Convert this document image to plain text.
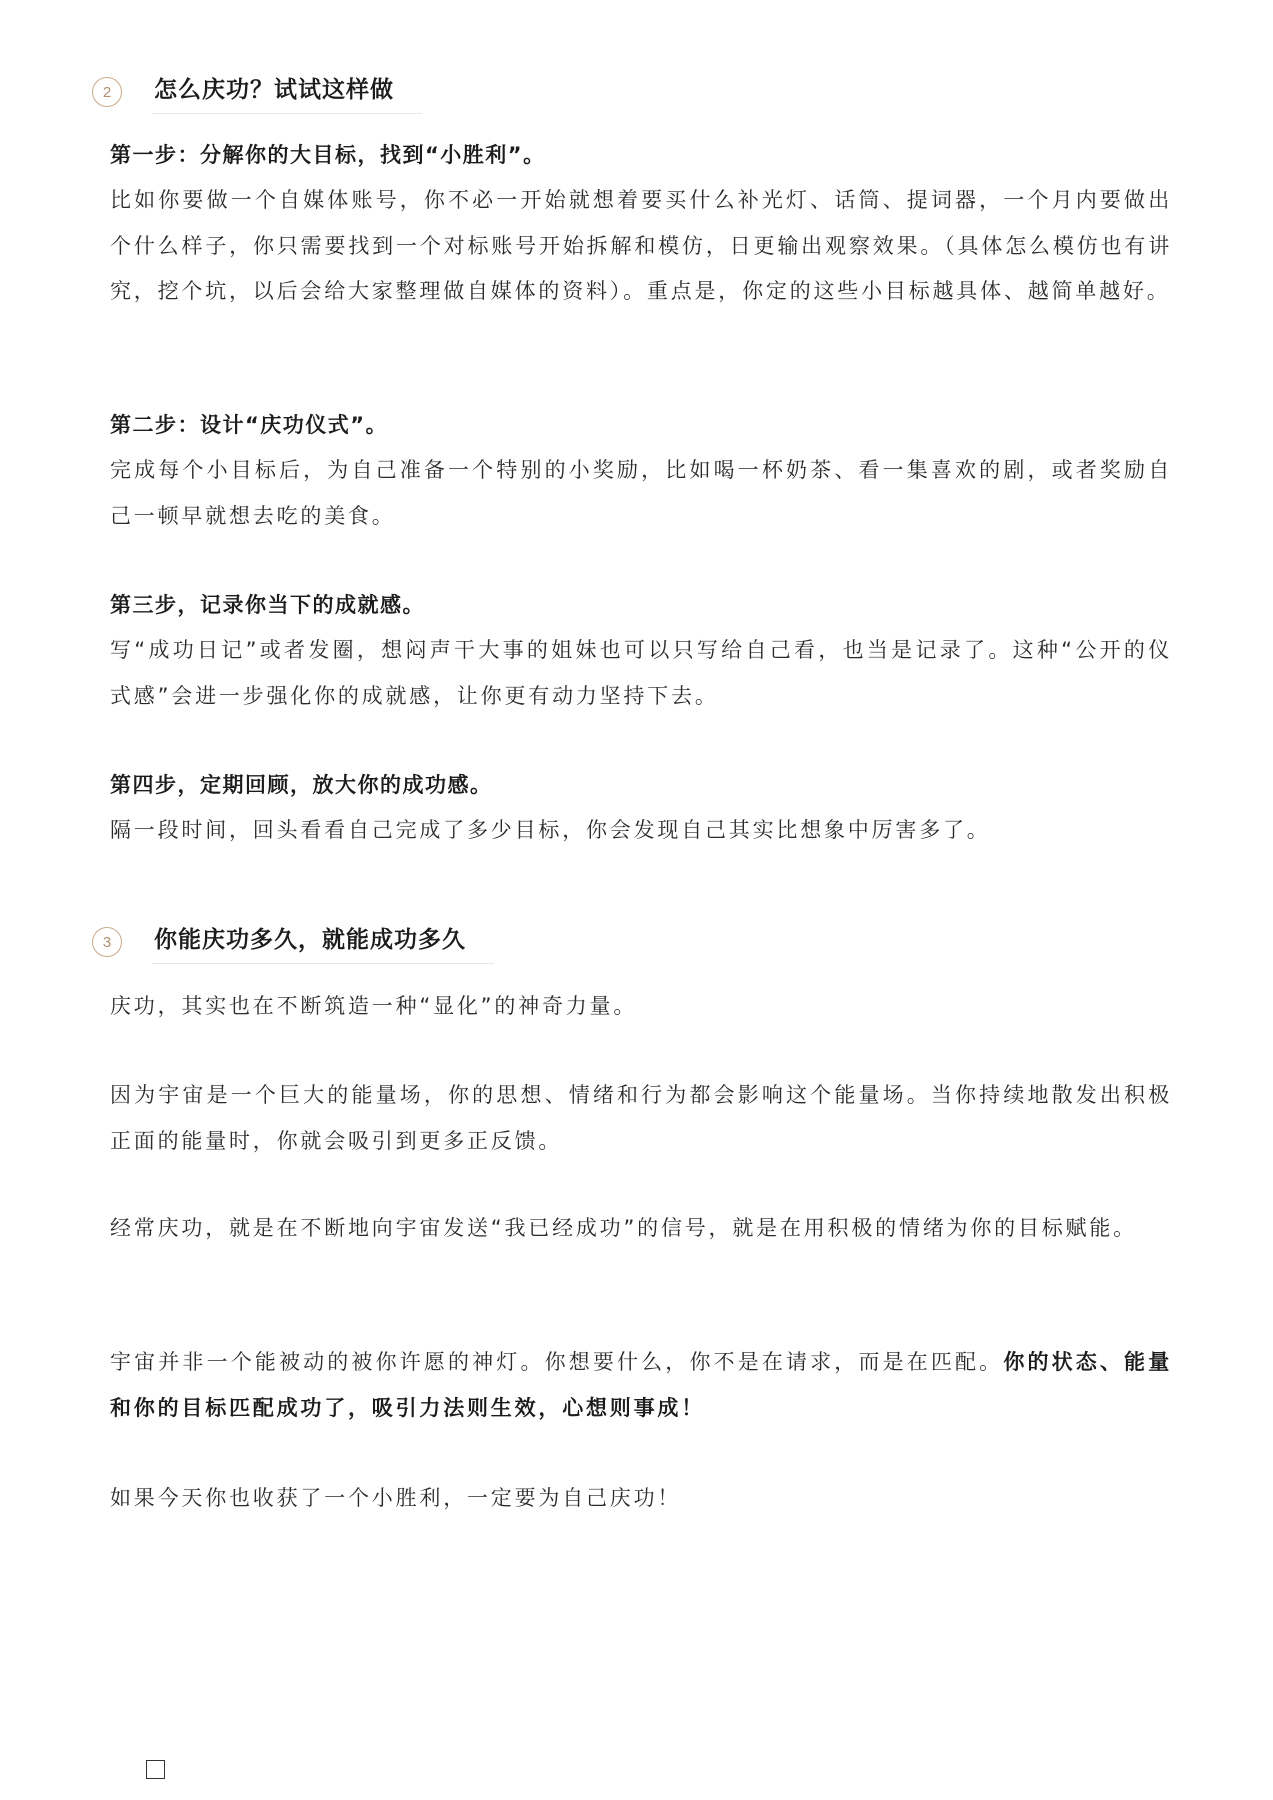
2	怎么庆功？试试这样做
第一步：分解你的大目标，找到“小胜利”。
比如你要做一个自媒体账号，你不必一开始就想着要买什么补光灯、话筒、提词器，一个月内要做出个什么样子，你只需要找到一个对标账号开始拆解和模仿，日更输出观察效果。（具体怎么模仿也有讲究，挖个坑，以后会给大家整理做自媒体的资料）。重点是，你定的这些小目标越具体、越简单越好。
第二步：设计“庆功仪式”。
完成每个小目标后，为自己准备一个特别的小奖励，比如喝一杯奶茶、看一集喜欢的剧，或者奖励自己一顿早就想去吃的美食。
第三步，记录你当下的成就感。
写“成功日记”或者发圈，想闷声干大事的姐妹也可以只写给自己看，也当是记录了。这种“公开的仪式感”会进一步强化你的成就感，让你更有动力坚持下去。
第四步，定期回顾，放大你的成功感。
隔一段时间，回头看看自己完成了多少目标，你会发现自己其实比想象中厉害多了。
3	你能庆功多久，就能成功多久
庆功，其实也在不断筑造一种“显化”的神奇力量。
因为宇宙是一个巨大的能量场，你的思想、情绪和行为都会影响这个能量场。当你持续地散发出积极正面的能量时，你就会吸引到更多正反馈。
经常庆功，就是在不断地向宇宙发送“我已经成功”的信号，就是在用积极的情绪为你的目标赋能。
宇宙并非一个能被动的被你许愿的神灯。你想要什么，你不是在请求，而是在匹配。你的状态、能量和你的目标匹配成功了，吸引力法则生效，心想则事成！
如果今天你也收获了一个小胜利，一定要为自己庆功！
